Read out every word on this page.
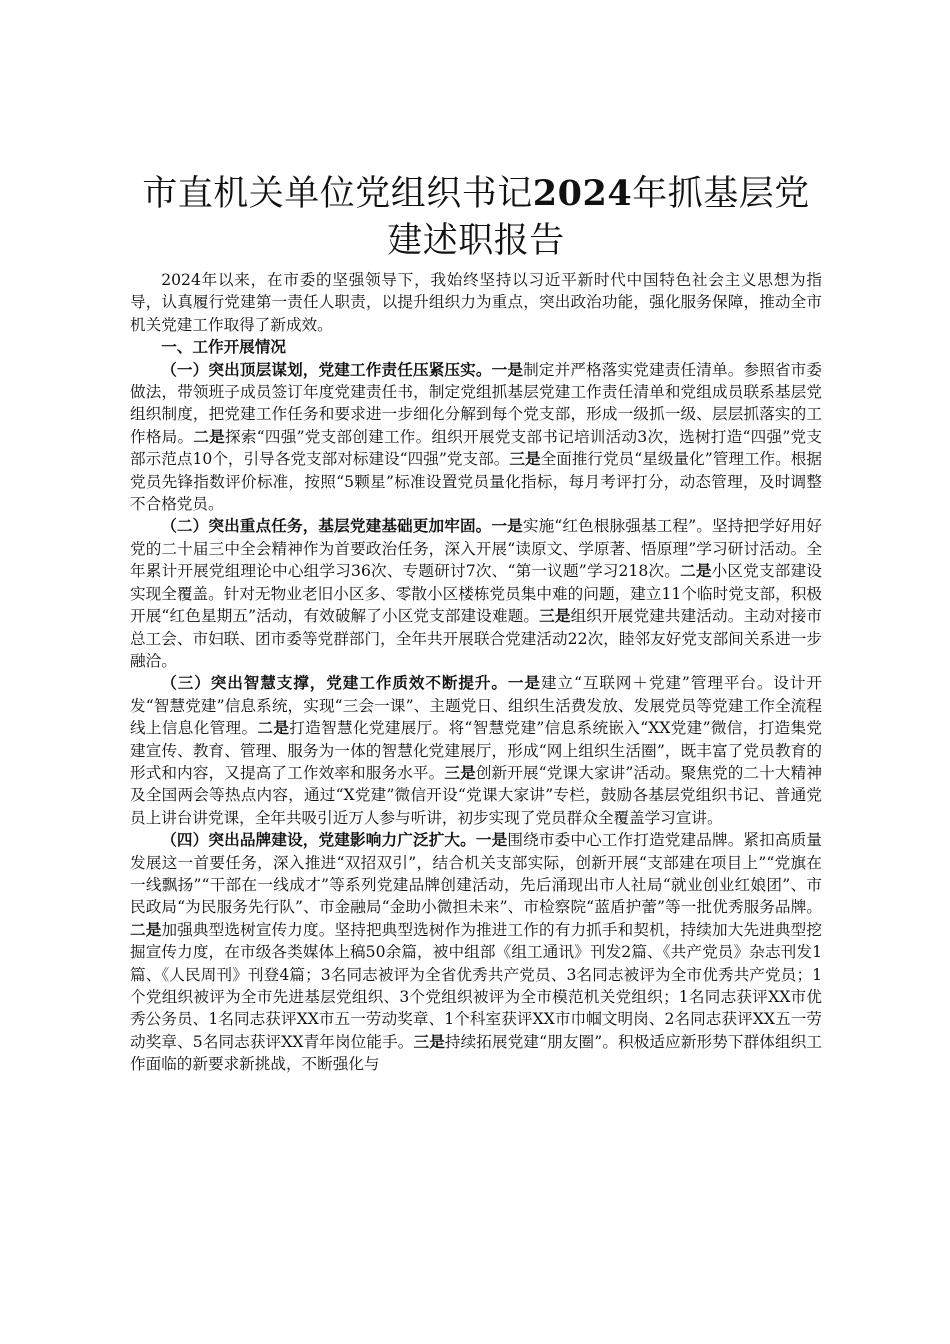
市直机关单位党组织书记2024年抓基层党建述职报告

2024年以来，在市委的坚强领导下，我始终坚持以习近平新时代中国特色社会主义思想为指导，认真履行党建第一责任人职责，以提升组织力为重点，突出政治功能，强化服务保障，推动全市机关党建工作取得了新成效。

一、工作开展情况

（一）突出顶层谋划，党建工作责任压紧压实。一是制定并严格落实党建责任清单。参照省市委做法，带领班子成员签订年度党建责任书，制定党组抓基层党建工作责任清单和党组成员联系基层党组织制度，把党建工作任务和要求进一步细化分解到每个党支部，形成一级抓一级、层层抓落实的工作格局。二是探索“四强”党支部创建工作。组织开展党支部书记培训活动3次，选树打造“四强”党支部示范点10个，引导各党支部对标建设“四强”党支部。三是全面推行党员“星级量化”管理工作。根据党员先锋指数评价标准，按照“5颗星”标准设置党员量化指标，每月考评打分，动态管理，及时调整不合格党员。

（二）突出重点任务，基层党建基础更加牢固。一是实施“红色根脉强基工程”。坚持把学好用好党的二十届三中全会精神作为首要政治任务，深入开展“读原文、学原著、悟原理”学习研讨活动。全年累计开展党组理论中心组学习36次、专题研讨7次、“第一议题”学习218次。二是小区党支部建设实现全覆盖。针对无物业老旧小区多、零散小区楼栋党员集中难的问题，建立11个临时党支部，积极开展“红色星期五”活动，有效破解了小区党支部建设难题。三是组织开展党建共建活动。主动对接市总工会、市妇联、团市委等党群部门，全年共开展联合党建活动22次，睦邻友好党支部间关系进一步融洽。

（三）突出智慧支撑，党建工作质效不断提升。一是建立“互联网＋党建”管理平台。设计开发“智慧党建”信息系统，实现“三会一课”、主题党日、组织生活费发放、发展党员等党建工作全流程线上信息化管理。二是打造智慧化党建展厅。将“智慧党建”信息系统嵌入“XX党建”微信，打造集党建宣传、教育、管理、服务为一体的智慧化党建展厅，形成“网上组织生活圈”，既丰富了党员教育的形式和内容，又提高了工作效率和服务水平。三是创新开展“党课大家讲”活动。聚焦党的二十大精神及全国两会等热点内容，通过“X党建”微信开设“党课大家讲”专栏，鼓励各基层党组织书记、普通党员上讲台讲党课，全年共吸引近万人参与听讲，初步实现了党员群众全覆盖学习宣讲。

（四）突出品牌建设，党建影响力广泛扩大。一是围绕市委中心工作打造党建品牌。紧扣高质量发展这一首要任务，深入推进“双招双引”，结合机关支部实际，创新开展“支部建在项目上”“党旗在一线飘扬”“干部在一线成才”等系列党建品牌创建活动，先后涌现出市人社局“就业创业红娘团”、市民政局“为民服务先行队”、市金融局“金助小微担未来”、市检察院“蓝盾护蕾”等一批优秀服务品牌。二是加强典型选树宣传力度。坚持把典型选树作为推进工作的有力抓手和契机，持续加大先进典型挖掘宣传力度，在市级各类媒体上稿50余篇，被中组部《组工通讯》刊发2篇、《共产党员》杂志刊发1篇、《人民周刊》刊登4篇；3名同志被评为全省优秀共产党员、3名同志被评为全市优秀共产党员；1个党组织被评为全市先进基层党组织、3个党组织被评为全市模范机关党组织；1名同志获评XX市优秀公务员、1名同志获评XX市五一劳动奖章、1个科室获评XX市巾帼文明岗、2名同志获评XX五一劳动奖章、5名同志获评XX青年岗位能手。三是持续拓展党建“朋友圈”。积极适应新形势下群体组织工作面临的新要求新挑战，不断强化与
